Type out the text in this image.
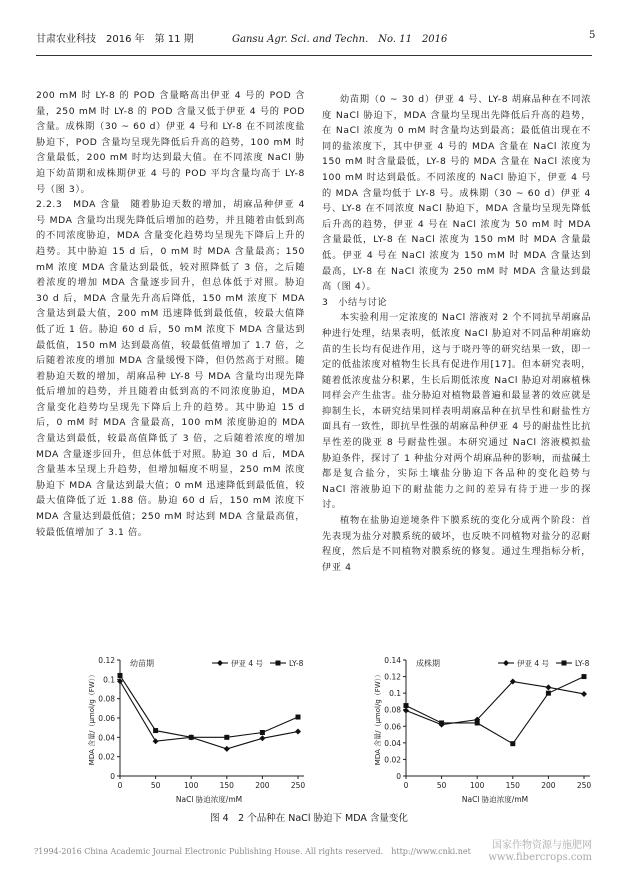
甘肃农业科技　2016 年　第 11 期	Gansu Agr. Sci. and Techn.　No. 11　2016	5

200 mM 时 LY-8 的 POD 含量略高出伊亚 4 号的 POD 含量，250 mM 时 LY-8 的 POD 含量又低于伊亚 4 号的 POD 含量。成株期（30 ~ 60 d）伊亚 4 号和 LY-8 在不同浓度盐胁迫下，POD 含量均呈现先降低后升高的趋势，100 mM 时含量最低，200 mM 时均达到最大值。在不同浓度 NaCl 胁迫下幼苗期和成株期伊亚 4 号的 POD 平均含量均高于 LY-8 号（图 3）。

2.2.3　MDA 含量　随着胁迫天数的增加，胡麻品种伊亚 4 号 MDA 含量均出现先降低后增加的趋势，并且随着由低到高的不同浓度胁迫，MDA 含量变化趋势均呈现先下降后上升的趋势。其中胁迫 15 d 后，0 mM 时 MDA 含量最高；150 mM 浓度 MDA 含量达到最低，较对照降低了 3 倍，之后随着浓度的增加 MDA 含量逐步回升，但总体低于对照。胁迫 30 d 后，MDA 含量先升高后降低，150 mM 浓度下 MDA 含量达到最大值，200 mM 迅速降低到最低值，较最大值降低了近 1 倍。胁迫 60 d 后，50 mM 浓度下 MDA 含量达到最低值，150 mM 达到最高值，较最低值增加了 1.7 倍，之后随着浓度的增加 MDA 含量缓慢下降，但仍然高于对照。随着胁迫天数的增加，胡麻品种 LY-8 号 MDA 含量均出现先降低后增加的趋势，并且随着由低到高的不同浓度胁迫，MDA 含量变化趋势均呈现先下降后上升的趋势。其中胁迫 15 d 后，0 mM 时 MDA 含量最高，100 mM 浓度胁迫的 MDA 含量达到最低，较最高值降低了 3 倍，之后随着浓度的增加 MDA 含量逐步回升，但总体低于对照。胁迫 30 d 后，MDA 含量基本呈现上升趋势，但增加幅度不明显，250 mM 浓度胁迫下 MDA 含量达到最大值；0 mM 迅速降低到最低值，较最大值降低了近 1.88 倍。胁迫 60 d 后，150 mM 浓度下 MDA 含量达到最低值；250 mM 时达到 MDA 含量最高值，较最低值增加了 3.1 倍。

幼苗期（0 ~ 30 d）伊亚 4 号、LY-8 胡麻品种在不同浓度 NaCl 胁迫下，MDA 含量均呈现出先降低后升高的趋势，在 NaCl 浓度为 0 mM 时含量均达到最高；最低值出现在不同的盐浓度下，其中伊亚 4 号的 MDA 含量在 NaCl 浓度为 150 mM 时含量最低，LY-8 号的 MDA 含量在 NaCl 浓度为 100 mM 时达到最低。不同浓度的 NaCl 胁迫下，伊亚 4 号的 MDA 含量均低于 LY-8 号。成株期（30 ~ 60 d）伊亚 4 号、LY-8 在不同浓度 NaCl 胁迫下，MDA 含量均呈现先降低后升高的趋势，伊亚 4 号在 NaCl 浓度为 50 mM 时 MDA 含量最低，LY-8 在 NaCl 浓度为 150 mM 时 MDA 含量最低。伊亚 4 号在 NaCl 浓度为 150 mM 时 MDA 含量达到最高，LY-8 在 NaCl 浓度为 250 mM 时 MDA 含量达到最高（图 4）。

3　小结与讨论

本实验利用一定浓度的 NaCl 溶液对 2 个不同抗旱胡麻品种进行处理，结果表明，低浓度 NaCl 胁迫对不同品种胡麻幼苗的生长均有促进作用，这与于晓丹等的研究结果一致，即一定的低盐浓度对植物生长具有促进作用[17]。但本研究表明，随着低浓度盐分积累，生长后期低浓度 NaCl 胁迫对胡麻植株同样会产生盐害。盐分胁迫对植物最普遍和最显著的效应就是抑制生长，本研究结果同样表明胡麻品种在抗旱性和耐盐性方面具有一致性，即抗旱性强的胡麻品种伊亚 4 号的耐盐性比抗旱性差的陇亚 8 号耐盐性强。本研究通过 NaCl 溶液模拟盐胁迫条件，探讨了 1 种盐分对两个胡麻品种的影响，而盐碱土都是复合盐分，实际土壤盐分胁迫下各品种的变化趋势与 NaCl 溶液胁迫下的耐盐能力之间的差异有待于进一步的探讨。

植物在盐胁迫逆境条件下膜系统的变化分成两个阶段：首先表现为盐分对膜系统的破坏，也反映不同植物对盐分的忍耐程度，然后是不同植物对膜系统的修复。通过生理指标分析，伊亚 4

0
0.02
0.04
0.06
0.08
0.1
0.12
0	50	100	150	200	250
MDA 含量/（μmol/g（FW））
NaCl 胁迫浓度/mM
幼苗期	伊亚 4 号	LY-8
0
0.02
0.04
0.06
0.08
0.1
0.12
0.14
0	50	100	150	200	250
MDA 含量/（μmol/g（FW））
NaCl 胁迫浓度/mM
成株期	伊亚 4 号	LY-8
图 4　2 个品种在 NaCl 胁迫下 MDA 含量变化
?1994-2016 China Academic Journal Electronic Publishing House. All rights reserved.　http://www.cnki.net
国家作物资源与施肥网
www.fibercrops.com
